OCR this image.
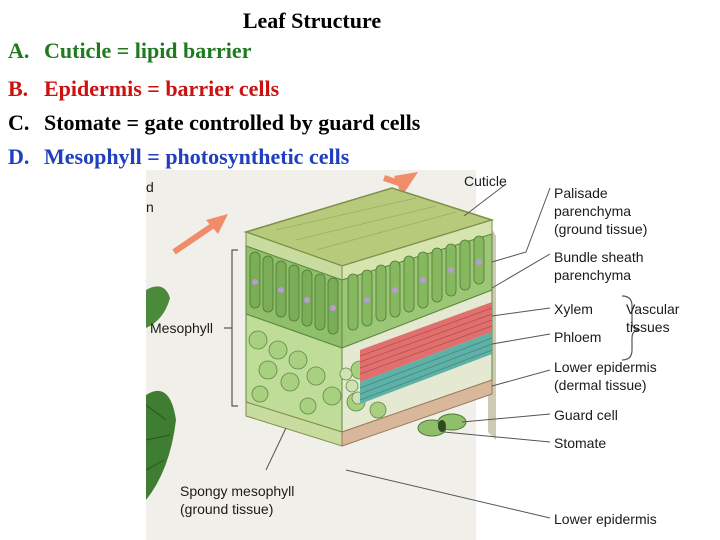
Leaf Structure
A. Cuticle = lipid barrier
B. Epidermis = barrier cells
C. Stomate = gate controlled by guard cells
D. Mesophyll = photosynthetic cells
d
n
Mesophyll
Cuticle
Palisade
parenchyma
(ground tissue)
Bundle sheath
parenchyma
Xylem Vascular
tissues
Phloem
Lower epidermis
(dermal tissue)
Guard cell
Stomate
Lower epidermis
Spongy mesophyll
(ground tissue)
